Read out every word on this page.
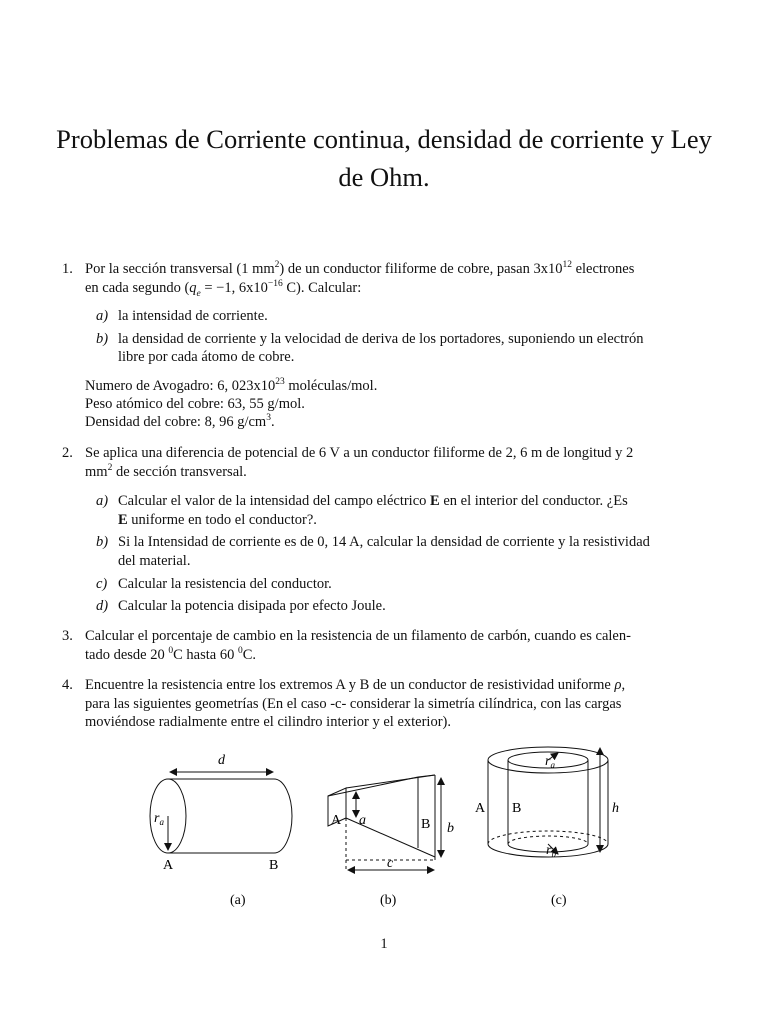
Problemas de Corriente continua, densidad de corriente y Ley
de Ohm.
1. Por la sección transversal (1 $mm^2$) de un conductor filiforme de cobre, pasan $3x10^{12}$ electrones
en cada segundo ($q_e = -1$, $6x10^{-16}$ C). Calcular:
a) la intensidad de corriente.
b) la densidad de corriente y la velocidad de deriva de los portadores, suponiendo un electrón
libre por cada átomo de cobre.
Numero de Avogadro: 6, $023x10^{23}$ moléculas/mol.
Peso atómico del cobre: 63, 55 g/mol.
Densidad del cobre: 8, 96 $g/cm^3$.
2. Se aplica una diferencia de potencial de 6 V a un conductor filiforme de 2, 6 m de longitud y 2
$mm^2$ de sección transversal.
a) Calcular el valor de la intensidad del campo eléctrico E en el interior del conductor. ¿Es
E uniforme en todo el conductor?.
b) Si la Intensidad de corriente es de 0, 14 A, calcular la densidad de corriente y la resistividad
del material.
c) Calcular la resistencia del conductor.
d) Calcular la potencia disipada por efecto Joule.
3. Calcular el porcentaje de cambio en la resistencia de un filamento de carbón, cuando es calen-
tado desde 20 $^0$C hasta 60 $^0$C.
4. Encuentre la resistencia entre los extremos A y B de un conductor de resistividad uniforme ρ,
para las siguientes geometrías (En el caso -c- considerar la simetría cilíndrica, con las cargas
moviéndose radialmente entre el cilindro interior y el exterior).
d
$r_a$
A	B
(a)
A a	B b
c
(b)
$r_a$
$r_b$
A B	h
(c)
1
